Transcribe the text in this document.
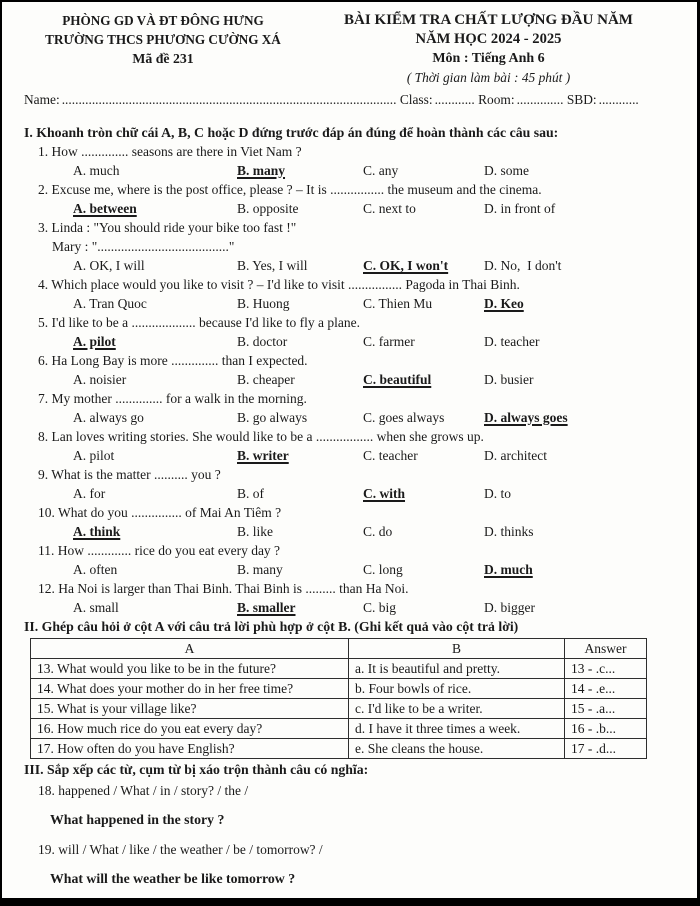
PHÒNG GD VÀ ĐT ĐÔNG HƯNG
TRƯỜNG THCS PHƯƠNG CƯỜNG XÁ
Mã đề 231
BÀI KIỂM TRA CHẤT LƯỢNG ĐẦU NĂM
NĂM HỌC 2024 - 2025
Môn : Tiếng Anh 6
( Thời gian làm bài : 45 phút )
Name: .................................................................................................... Class: ............ Room: .............. SBD: ............
I. Khoanh tròn chữ cái A, B, C hoặc D đứng trước đáp án đúng để hoàn thành các câu sau:
1. How .............. seasons are there in Viet Nam ?
A. much	B. many	C. any	D. some
2. Excuse me, where is the post office, please ? – It is ................ the museum and the cinema.
A. between	B. opposite	C. next to	D. in front of
3. Linda : "You should ride your bike too fast !"
Mary : "......................................."
A. OK, I will	B. Yes, I will	C. OK, I won't	D. No,  I don't
4. Which place would you like to visit ? – I'd like to visit ................ Pagoda in Thai Binh.
A. Tran Quoc	B. Huong	C. Thien Mu	D. Keo
5. I'd like to be a ................... because I'd like to fly a plane.
A. pilot	B. doctor	C. farmer	D. teacher
6. Ha Long Bay is more .............. than I expected.
A. noisier	B. cheaper	C. beautiful	D. busier
7. My mother .............. for a walk in the morning.
A. always go	B. go always	C. goes always	D. always goes
8. Lan loves writing stories. She would like to be a ................. when she grows up.
A. pilot	B. writer	C. teacher	D. architect
9. What is the matter .......... you ?
A. for	B. of	C. with	D. to
10. What do you ............... of Mai An Tiêm ?
A. think	B. like	C. do	D. thinks
11. How ............. rice do you eat every day ?
A. often	B. many	C. long	D. much
12. Ha Noi is larger than Thai Binh. Thai Binh is ......... than Ha Noi.
A. small	B. smaller	C. big	D. bigger
II. Ghép câu hỏi ở cột A với câu trả lời phù hợp ở cột B. (Ghi kết quả vào cột trả lời)
A	B	Answer
13. What would you like to be in the future?	a. It is beautiful and pretty.	13 - .c...
14. What does your mother do in her free time?	b. Four bowls of rice.	14 - .e...
15. What is your village like?	c. I'd like to be a writer.	15 - .a...
16. How much rice do you eat every day?	d. I have it three times a week.	16 - .b...
17. How often do you have English?	e. She cleans the house.	17 - .d...
III. Sắp xếp các từ, cụm từ bị xáo trộn thành câu có nghĩa:
18. happened / What / in / story? / the /
What happened in the story ?
19. will / What / like / the weather / be / tomorrow? /
What will the weather be like tomorrow ?
